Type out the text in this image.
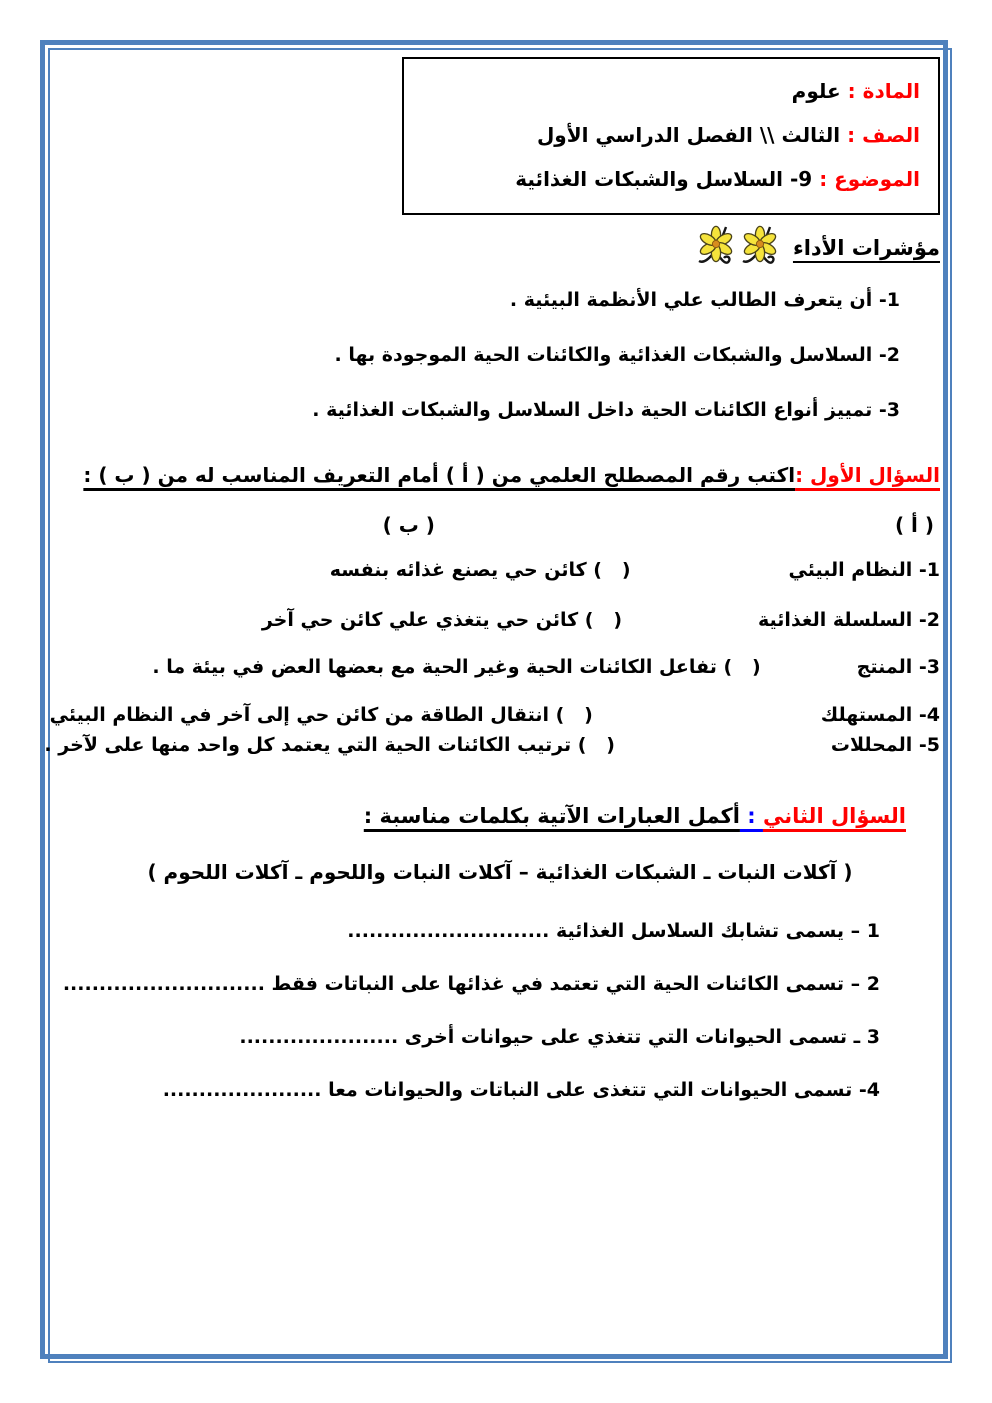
المادة : علوم
الصف : الثالث \\ الفصل الدراسي الأول
الموضوع : 9- السلاسل والشبكات الغذائية
مؤشرات الأداء
1- أن يتعرف الطالب علي الأنظمة البيئية .
2- السلاسل والشبكات الغذائية والكائنات الحية الموجودة بها .
3- تمييز أنواع الكائنات الحية داخل السلاسل والشبكات الغذائية .
السؤال الأول :اكتب رقم المصطلح العلمي من ( أ ) أمام التعريف المناسب له من ( ب ) :
( أ )
( ب )
1- النظام البيئي
(   ) كائن حي يصنع غذائه بنفسه
2- السلسلة الغذائية
(   ) كائن حي يتغذي علي كائن حي آخر
3- المنتج
(   ) تفاعل الكائنات الحية وغير الحية مع بعضها العض في بيئة ما .
4- المستهلك
(   ) انتقال الطاقة من كائن حي إلى آخر في النظام البيئي
5- المحللات
(   ) ترتيب الكائنات الحية التي يعتمد كل واحد منها على لآخر .
السؤال الثاني : أكمل العبارات الآتية بكلمات مناسبة :
( آكلات النبات ـ الشبكات الغذائية – آكلات النبات واللحوم ـ آكلات اللحوم )
1 – يسمى تشابك السلاسل الغذائية ............................
2 – تسمى الكائنات الحية التي تعتمد في غذائها على النباتات فقط ............................
3 ـ تسمى الحيوانات التي تتغذي على حيوانات أخرى ......................
4- تسمى الحيوانات التي تتغذى على النباتات والحيوانات معا ......................
